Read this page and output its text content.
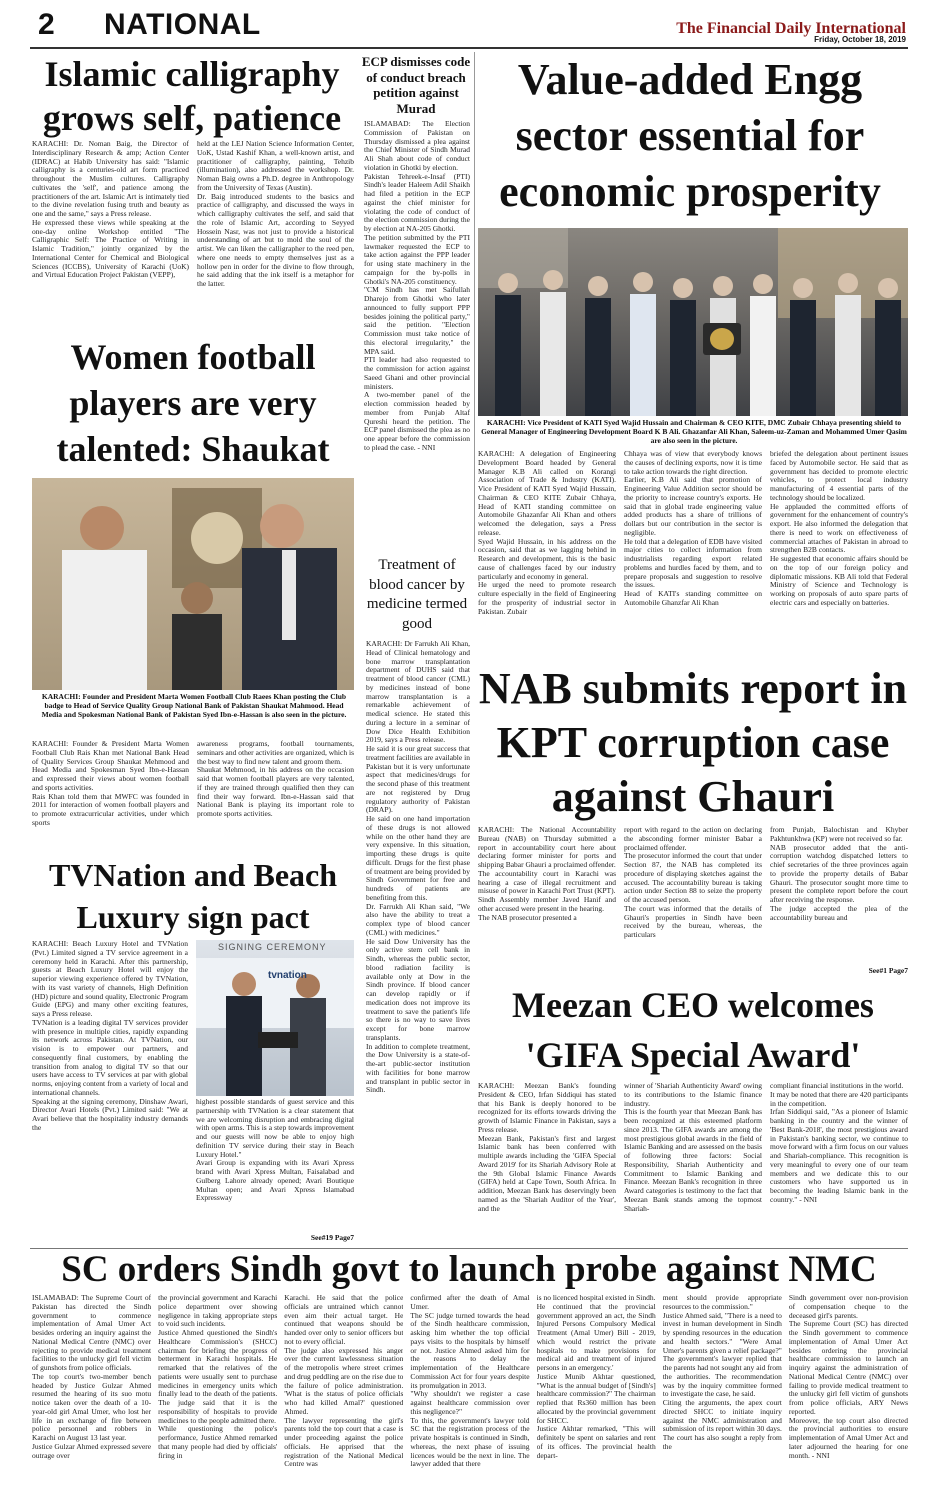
2 NATIONAL	The Financial Daily International
Friday, October 18, 2019
Islamic calligraphy grows self, patience
KARACHI: Dr. Noman Baig, the Director of Interdisciplinary Research & amp; Action Center (IDRAC) at Habib University has said: "Islamic calligraphy is a centuries-old art form practiced throughout the Muslim cultures. Calligraphy cultivates the 'self', and patience among the practitioners of the art. Islamic Art is intimately tied to the divine revelation fusing truth and beauty as one and the same," says a Press release.
He expressed these views while speaking at the one-day online Workshop entitled "The Calligraphic Self: The Practice of Writing in Islamic Tradition," jointly organized by the International Center for Chemical and Biological Sciences (ICCBS), University of Karachi (UoK) and Virtual Education Project Pakistan (VEPP),
held at the LEJ Nation Science Information Center, UoK, Ustad Kashif Khan, a well-known artist, and practitioner of calligraphy, painting, Tehzib (illumination), also addressed the workshop. Dr. Noman Baig owns a Ph.D. degree in Anthropology from the University of Texas (Austin).
Dr. Baig introduced students to the basics and practice of calligraphy, and discussed the ways in which calligraphy cultivates the self, and said that the role of Islamic Art, according to Seyyed Hossein Nasr, was not just to provide a historical understanding of art but to mold the soul of the artist. We can liken the calligrapher to the reed pen, where one needs to empty themselves just as a hollow pen in order for the divine to flow through, he said adding that the ink itself is a metaphor for the latter.
ECP dismisses code of conduct breach petition against Murad
ISLAMABAD: The Election Commission of Pakistan on Thursday dismissed a plea against the Chief Minister of Sindh Murad Ali Shah about code of conduct violation in Ghotki by election.
Pakistan Tehreek-e-Insaf (PTI) Sindh's leader Haleem Adil Shaikh had filed a petition in the ECP against the chief minister for violating the code of conduct of the election commission during the by election at NA-205 Ghotki.
The petition submitted by the PTI lawmaker requested the ECP to take action against the PPP leader for using state machinery in the campaign for the by-polls in Ghotki's NA-205 constituency.
"CM Sindh has met Saifullah Dharejo from Ghotki who later announced to fully support PPP besides joining the political party," said the petition. "Election Commission must take notice of this electoral irregularity," the MPA said.
PTI leader had also requested to the commission for action against Saeed Ghani and other provincial ministers.
A two-member panel of the election commission headed by member from Punjab Altaf Qureshi heard the petition. The ECP panel dismissed the plea as no one appear before the commission to plead the case. - NNI
Value-added Engg sector essential for economic prosperity
KARACHI: Vice President of KATI Syed Wajid Hussain and Chairman & CEO KITE, DMC Zubair Chhaya presenting shield to General Manager of Engineering Development Board K B Ali. Ghazanfar Ali Khan, Saleem-uz-Zaman and Mohammed Umer Qasim are also seen in the picture.
KARACHI: A delegation of Engineering Development Board headed by General Manager K.B Ali called on Korangi Association of Trade & Industry (KATI). Vice President of KATI Syed Wajid Hussain, Chairman & CEO KITE Zubair Chhaya, Head of KATI standing committee on Automobile Ghazanfar Ali Khan and others welcomed the delegation, says a Press release.
Syed Wajid Hussain, in his address on the occasion, said that as we lagging behind in Research and development, this is the basic cause of challenges faced by our industry particularly and economy in general.
He urged the need to promote research culture especially in the field of Engineering for the prosperity of industrial sector in Pakistan. Zubair
Chhaya was of view that everybody knows the causes of declining exports, now it is time to take action towards the right direction.
Earlier, K.B Ali said that promotion of Engineering Value Addition sector should be the priority to increase country's exports. He said that in global trade engineering value added products has a share of trillions of dollars but our contribution in the sector is negligible.
He told that a delegation of EDB have visited major cities to collect information from industrialists regarding export related problems and hurdles faced by them, and to prepare proposals and suggestion to resolve the issues.
Head of KATI's standing committee on Automobile Ghanzfar Ali Khan
briefed the delegation about pertinent issues faced by Automobile sector. He said that as government has decided to promote electric vehicles, to protect local industry manufacturing of 4 essential parts of the technology should be localized.
He applauded the committed efforts of government for the enhancement of country's export. He also informed the delegation that there is need to work on effectiveness of commercial attaches of Pakistan in abroad to strengthen B2B contacts.
He suggested that economic affairs should be on the top of our foreign policy and diplomatic missions. KB Ali told that Federal Ministry of Science and Technology is working on proposals of auto spare parts of electric cars and especially on batteries.
Women football players are very talented: Shaukat
KARACHI: Founder and President Marta Women Football Club Raees Khan posting the Club badge to Head of Service Quality Group National Bank of Pakistan Shaukat Mahmood. Head Media and Spokesman National Bank of Pakistan Syed Ibn-e-Hassan is also seen in the picture.
KARACHI: Founder & President Marta Women Football Club Rais Khan met National Bank Head of Quality Services Group Shaukat Mehmood and Head Media and Spokesman Syed Ibn-e-Hassan and expressed their views about women football and sports activities.
Rais Khan told them that MWFC was founded in 2011 for interaction of women football players and to promote extracurricular activities, under which sports
awareness programs, football tournaments, seminars and other activities are organized, which is the best way to find new talent and groom them.
Shaukat Mehmood, in his address on the occasion said that women football players are very talented, if they are trained through qualified then they can find their way forward. Ibn-e-Hassan said that National Bank is playing its important role to promote sports activities.
Treatment of blood cancer by medicine termed good
KARACHI: Dr Farrukh Ali Khan, Head of Clinical hematology and bone marrow transplantation department of DUHS said that treatment of blood cancer (CML) by medicines instead of bone marrow transplantation is a remarkable achievement of medical science. He stated this during a lecture in a seminar of Dow Dice Health Exhibition 2019, says a Press release.
He said it is our great success that treatment facilities are available in Pakistan but it is very unfortunate aspect that medicines/drugs for the second phase of this treatment are not registered by Drug regulatory authority of Pakistan (DRAP).
He said on one hand importation of these drugs is not allowed while on the other hand they are very expensive. In this situation, importing these drugs is quite difficult. Drugs for the first phase of treatment are being provided by Sindh Government for free and hundreds of patients are benefiting from this.
Dr. Farrukh Ali Khan said, "We also have the ability to treat a complex type of blood cancer (CML) with medicines."
He said Dow University has the only active stem cell bank in Sindh, whereas the public sector, blood radiation facility is available only at Dow in the Sindh province. If blood cancer can develop rapidly or if medication does not improve its treatment to save the patient's life so there is no way to save lives except for bone marrow transplants.
In addition to complete treatment, the Dow University is a state-of-the-art public-sector institution with facilities for bone marrow and transplant in public sector in Sindh.
NAB submits report in KPT corruption case against Ghauri
KARACHI: The National Accountability Bureau (NAB) on Thursday submitted a report in accountability court here about declaring former minister for ports and shipping Babar Ghauri a proclaimed offender.
The accountability court in Karachi was hearing a case of illegal recruitment and misuse of power in Karachi Port Trust (KPT).
Sindh Assembly member Javed Hanif and other accused were present in the hearing.
The NAB prosecutor presented a
report with regard to the action on declaring the absconding former minister Babar a proclaimed offender.
The prosecutor informed the court that under Section 87, the NAB has completed its procedure of displaying sketches against the accused. The accountability bureau is taking action under Section 88 to seize the property of the accused person.
The court was informed that the details of Ghauri's properties in Sindh have been received by the bureau, whereas, the particulars
from Punjab, Balochistan and Khyber Pakhtunkhwa (KP) were not received so far.
NAB prosecutor added that the anti-corruption watchdog dispatched letters to chief secretaries of the three provinces again to provide the property details of Babar Ghauri. The prosecutor sought more time to present the complete report before the court after receiving the response.
The judge accepted the plea of the accountability bureau and
See#1 Page7
TVNation and Beach Luxury sign pact
KARACHI: Beach Luxury Hotel and TVNation (Pvt.) Limited signed a TV service agreement in a ceremony held in Karachi. After this partnership, guests at Beach Luxury Hotel will enjoy the superior viewing experience offered by TVNation, with its vast variety of channels, High Definition (HD) picture and sound quality, Electronic Program Guide (EPG) and many other exciting features, says a Press release.
TVNation is a leading digital TV services provider with presence in multiple cities, rapidly expanding its network across Pakistan. At TVNation, our vision is to empower our partners, and consequently final customers, by enabling the transition from analog to digital TV so that our users have access to TV services at par with global norms, enjoying content from a variety of local and international channels.
Speaking at the signing ceremony, Dinshaw Awari, Director Avari Hotels (Pvt.) Limited said: "We at Avari believe that the hospitality industry demands the
SIGNING CEREMONY
tvnation
highest possible standards of guest service and this partnership with TVNation is a clear statement that we are welcoming disruption and embracing digital with open arms. This is a step towards improvement and our guests will now be able to enjoy high definition TV service during their stay in Beach Luxury Hotel."
Avari Group is expanding with its Avari Xpress brand with Avari Xpress Multan, Faisalabad and Gulberg Lahore already opened; Avari Boutique Multan open; and Avari Xpress Islamabad Expressway
See#19 Page7
Meezan CEO welcomes 'GIFA Special Award'
KARACHI: Meezan Bank's founding President & CEO, Irfan Siddiqui has stated that his Bank is deeply honored to be recognized for its efforts towards driving the growth of Islamic Finance in Pakistan, says a Press release.
Meezan Bank, Pakistan's first and largest Islamic bank has been conferred with multiple awards including the 'GIFA Special Award 2019' for its Shariah Advisory Role at the 9th Global Islamic Finance Awards (GIFA) held at Cape Town, South Africa. In addition, Meezan Bank has deservingly been named as the 'Shariah Auditor of the Year', and the
winner of 'Shariah Authenticity Award' owing to its contributions to the Islamic finance industry.
This is the fourth year that Meezan Bank has been recognized at this esteemed platform since 2013. The GIFA awards are among the most prestigious global awards in the field of Islamic Banking and are assessed on the basis of following three factors: Social Responsibility, Shariah Authenticity and Commitment to Islamic Banking and Finance. Meezan Bank's recognition in three Award categories is testimony to the fact that Meezan Bank stands among the topmost Shariah-
compliant financial institutions in the world.
It may be noted that there are 420 participants in the competition.
Irfan Siddiqui said, "As a pioneer of Islamic banking in the country and the winner of 'Best Bank-2018', the most prestigious award in Pakistan's banking sector, we continue to move forward with a firm focus on our values and Shariah-compliance. This recognition is very meaningful to every one of our team members and we dedicate this to our customers who have supported us in becoming the leading Islamic bank in the country." - NNI
SC orders Sindh govt to launch probe against NMC
ISLAMABAD: The Supreme Court of Pakistan has directed the Sindh government to commence implementation of Amal Umer Act besides ordering an inquiry against the National Medical Centre (NMC) over rejecting to provide medical treatment facilities to the unlucky girl fell victim of gunshots from police officials.
The top court's two-member bench headed by Justice Gulzar Ahmed resumed the hearing of its suo motu notice taken over the death of a 10-year-old girl Amal Umer, who lost her life in an exchange of fire between police personnel and robbers in Karachi on August 13 last year.
Justice Gulzar Ahmed expressed severe outrage over
the provincial government and Karachi police department over showing negligence in taking appropriate steps to void such incidents.
Justice Ahmed questioned the Sindh's Healthcare Commission's (SHCC) chairman for briefing the progress of betterment in Karachi hospitals. He remarked that the relatives of the patients were usually sent to purchase medicines in emergency units which finally lead to the death of the patients. The judge said that it is the responsibility of hospitals to provide medicines to the people admitted there.
While questioning the police's performance, Justice Ahmed remarked that many people had died by officials' firing in
Karachi. He said that the police officials are untrained which cannot even aim their actual target. He continued that weapons should be handed over only to senior officers but not to every official.
The judge also expressed his anger over the current lawlessness situation of the metropolis where street crimes and drug peddling are on the rise due to the failure of police administration. 'What is the status of police officials who had killed Amal?' questioned Ahmed.
The lawyer representing the girl's parents told the top court that a case is under proceeding against the police officials. He apprised that the registration of the National Medical Centre was
confirmed after the death of Amal Umer.
The SC judge turned towards the head of the Sindh healthcare commission, asking him whether the top official pays visits to the hospitals by himself or not. Justice Ahmed asked him for the reasons to delay the implementation of the Healthcare Commission Act for four years despite its promulgation in 2013.
"Why shouldn't we register a case against healthcare commission over this negligence?"
To this, the government's lawyer told SC that the registration process of the private hospitals is continued in Sindh, whereas, the next phase of issuing licences would be the next in line. The lawyer added that there
is no licenced hospital existed in Sindh.
He continued that the provincial government approved an act, the Sindh Injured Persons Compulsory Medical Treatment (Amal Umer) Bill - 2019, which would restrict the private hospitals to make provisions for medical aid and treatment of injured persons in an emergency.'
Justice Munib Akhtar questioned, "What is the annual budget of [Sindh's] healthcare commission?" The chairman replied that Rs360 million has been allocated by the provincial government for SHCC.
Justice Akhtar remarked, "This will definitely be spent on salaries and rent of its offices. The provincial health depart-
ment should provide appropriate resources to the commission."
Justice Ahmed said, "There is a need to invest in human development in Sindh by spending resources in the education and health sectors." "Were Amal Umer's parents given a relief package?"
The government's lawyer replied that the parents had not sought any aid from the authorities. The recommendation was by the inquiry committee formed to investigate the case, he said.
Citing the arguments, the apex court directed SHCC to initiate inquiry against the NMC administration and submission of its report within 30 days. The court has also sought a reply from the
Sindh government over non-provision of compensation cheque to the deceased girl's parents.
The Supreme Court (SC) has directed the Sindh government to commence implementation of Amal Umer Act besides ordering the provincial healthcare commission to launch an inquiry against the administration of National Medical Centre (NMC) over failing to provide medical treatment to the unlucky girl fell victim of gunshots from police officials, ARY News reported.
Moreover, the top court also directed the provincial authorities to ensure implementation of Amal Umer Act and later adjourned the hearing for one month. - NNI
